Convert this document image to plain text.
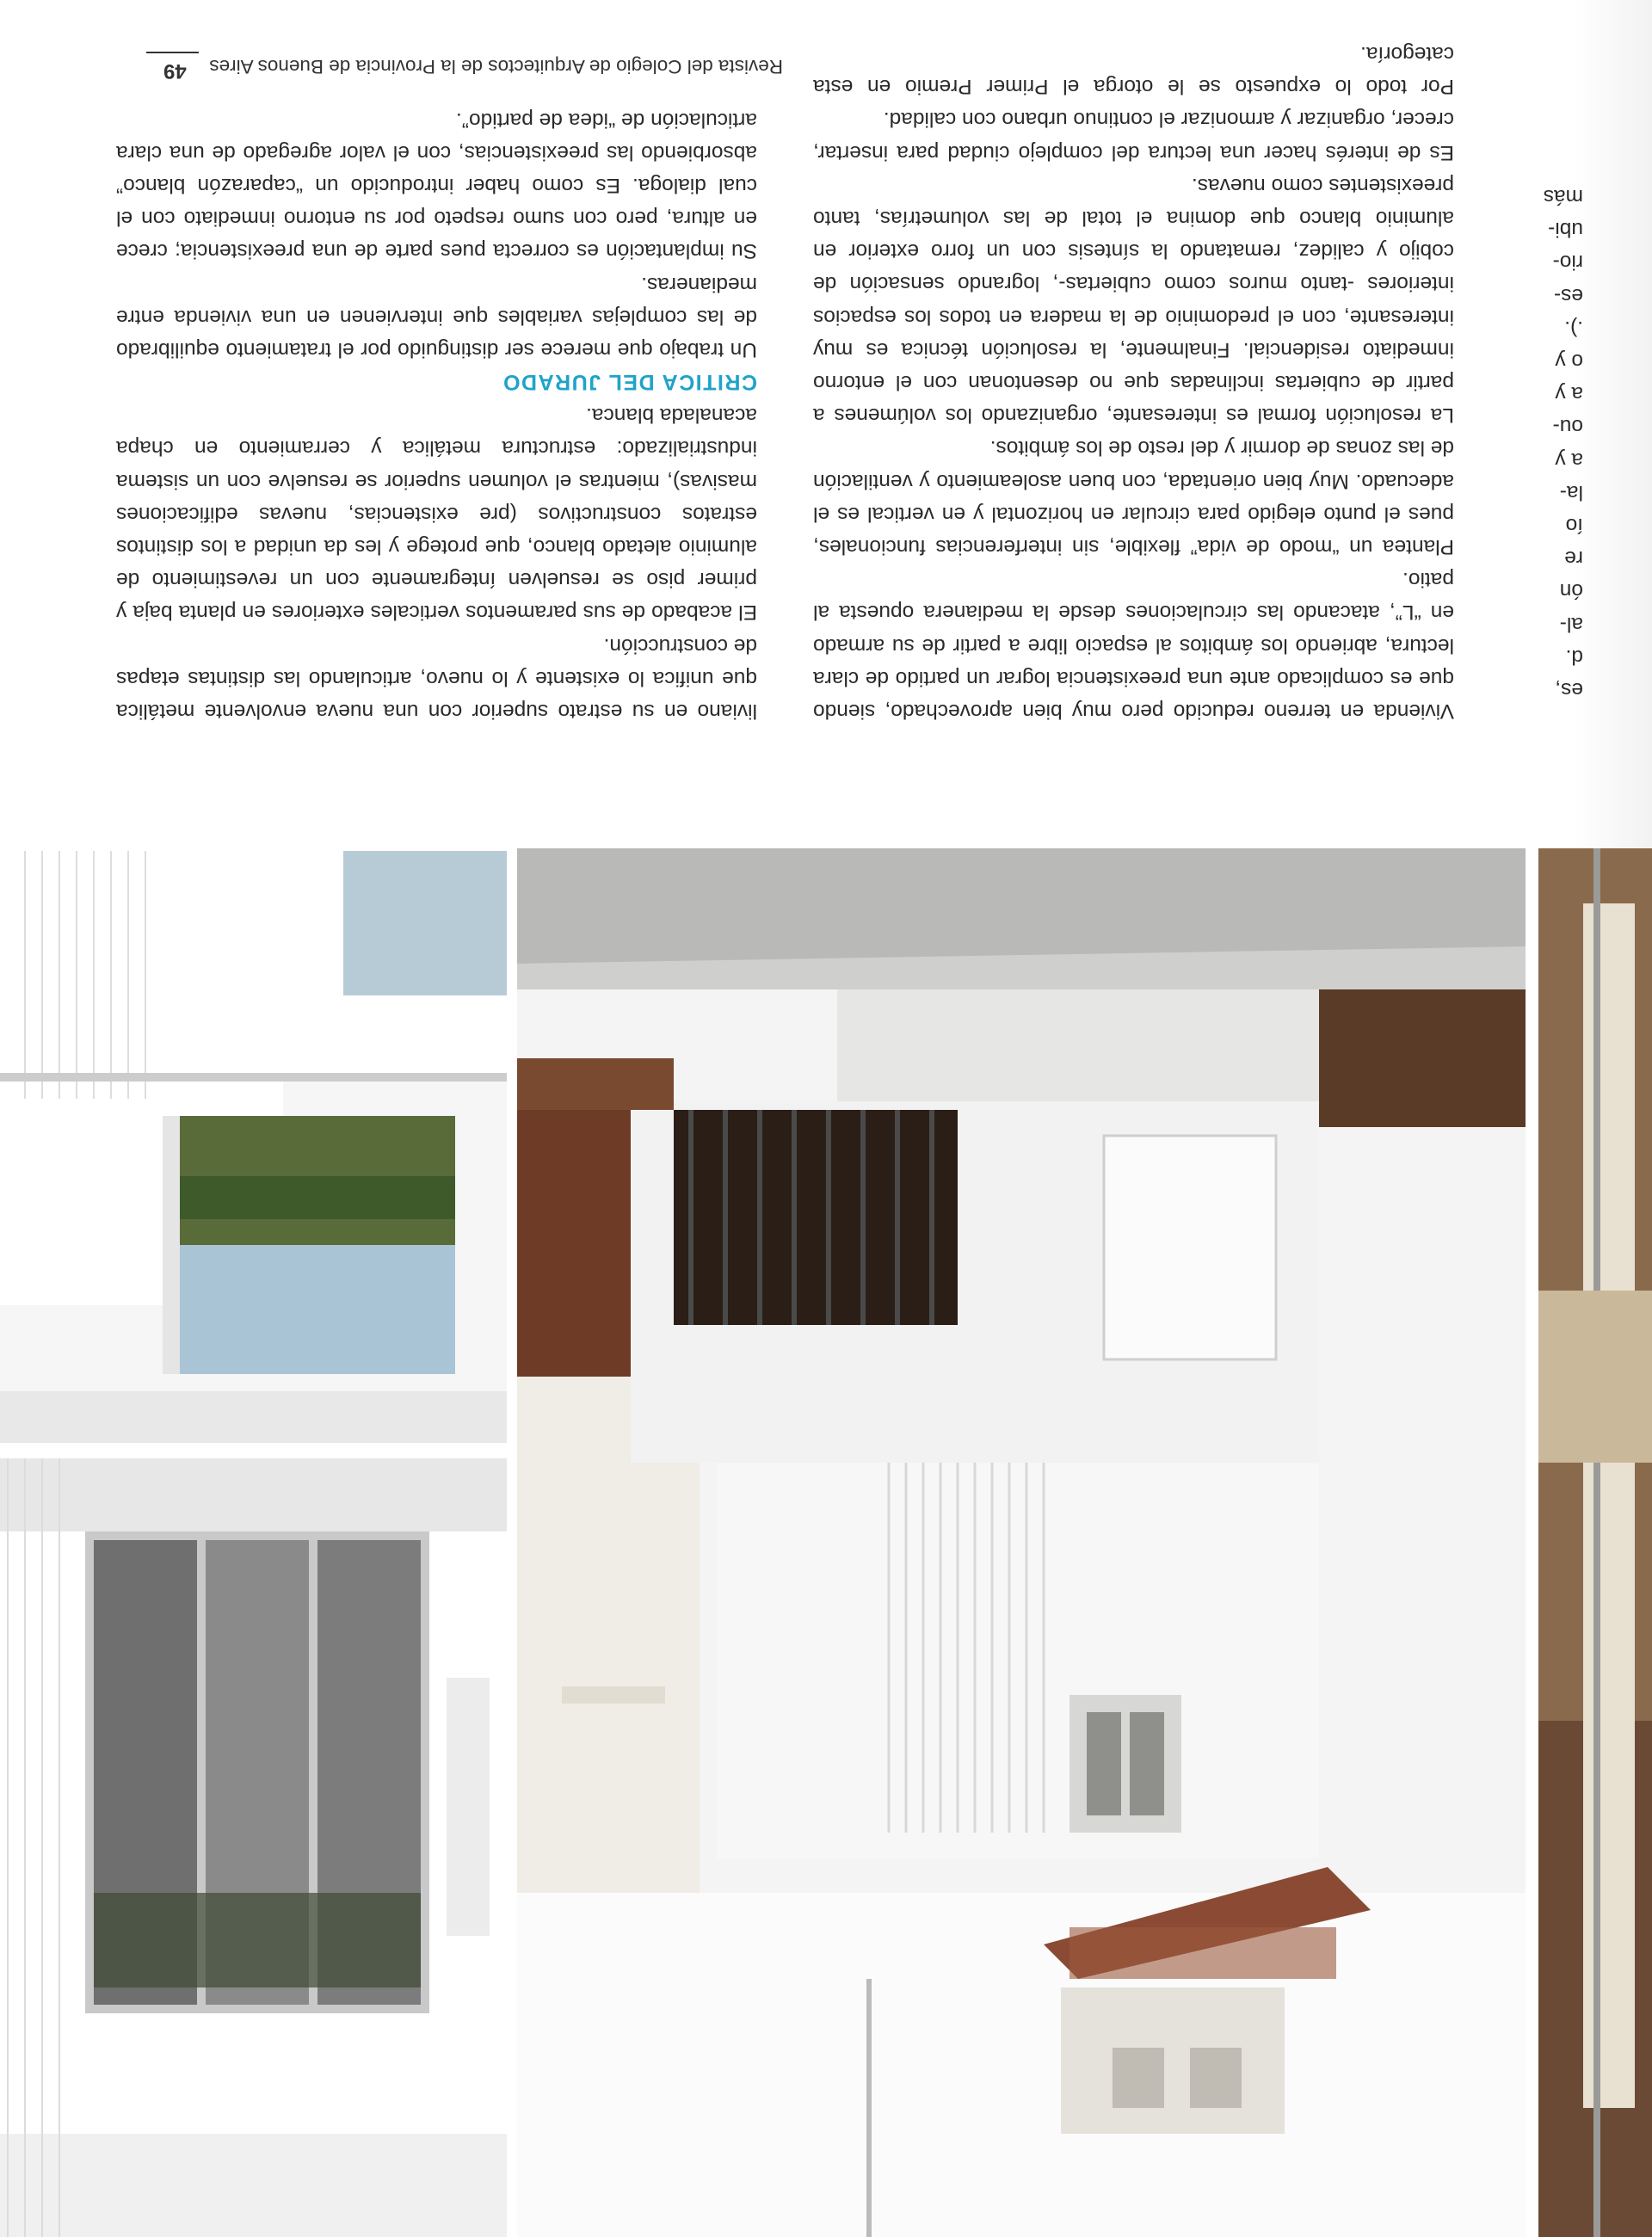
Vivienda en terreno reducido pero muy bien aprovechado, siendo que es complicado ante una preexistencia lograr un partido de clara lectura, abriendo los ámbitos al espacio libre a partir de su armado en “L”, atacando las circulaciones desde la medianera opuesta al patio.

Plantea un “modo de vida” flexible, sin interferencias funcionales, pues el punto elegido para circular en horizontal y en vertical es el adecuado. Muy bien orientada, con buen asoleamiento y ventilación de las zonas de dormir y del resto de los ámbitos.

La resolución formal es interesante, organizando los volúmenes a partir de cubiertas inclinadas que no desentonan con el entorno inmediato residencial. Finalmente, la resolución técnica es muy interesante, con el predominio de la madera en todos los espacios interiores -tanto muros como cubiertas-, logrando sensación de cobijo y calidez, rematando la síntesis con un forro exterior en aluminio blanco que domina el total de las volumetrías, tanto preexistentes como nuevas.

Es de interés hacer una lectura del complejo ciudad para insertar, crecer, organizar y armonizar el continuo urbano con calidad.

Por todo lo expuesto se le otorga el Primer Premio en esta categoría.

liviano en su estrato superior con una nueva envolvente metálica que unifica lo existente y lo nuevo, articulando las distintas etapas de construcción.

El acabado de sus paramentos verticales exteriores en planta baja y primer piso se resuelven íntegramente con un revestimiento de aluminio aletado blanco, que protege y les da unidad a los distintos estratos constructivos (pre existencias, nuevas edificaciones masivas), mientras el volumen superior se resuelve con un sistema industrializado: estructura metálica y cerramiento en chapa acanalada blanca.

CRITICA DEL JURADO

Un trabajo que merece ser distinguido por el tratamiento equilibrado de las complejas variables que intervienen en una vivienda entre medianeras.

Su implantación es correcta pues parte de una preexistencia; crece en altura, pero con sumo respeto por su entorno inmediato con el cual dialoga. Es como haber introducido un “caparazón blanco” absorbiendo las preexistencias, con el valor agregado de una clara articulación de “idea de partido”.

es,
d.
al-
ón
re
ío
la-
a y
ou-
a y
o y
.).
es-
rio-
ubi-
más
Revista del Colegio de Arquitectos de la Provincia de Buenos Aires
49
